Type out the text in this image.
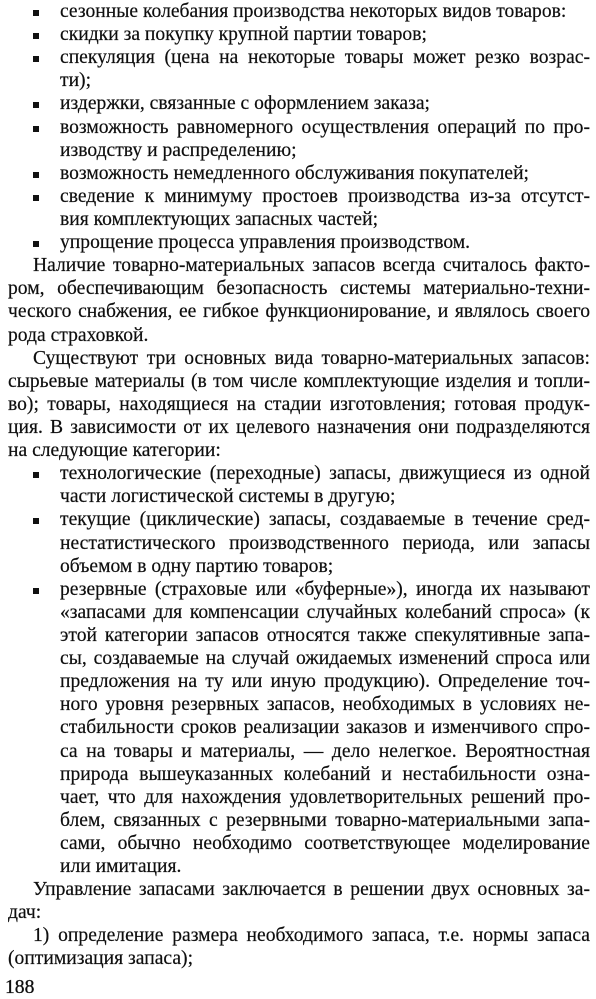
сезонные колебания производства некоторых видов товаров:
скидки за покупку крупной партии товаров;
спекуляция (цена на некоторые товары может резко возрас-
ти);
издержки, связанные с оформлением заказа;
возможность равномерного осуществления операций по про-
изводству и распределению;
возможность немедленного обслуживания покупателей;
сведение к минимуму простоев производства из-за отсутст-
вия комплектующих запасных частей;
упрощение процесса управления производством.
Наличие товарно-материальных запасов всегда считалось факто-
ром, обеспечивающим безопасность системы материально-техни-
ческого снабжения, ее гибкое функционирование, и являлось своего
рода страховкой.
Существуют три основных вида товарно-материальных запасов:
сырьевые материалы (в том числе комплектующие изделия и топли-
во); товары, находящиеся на стадии изготовления; готовая продук-
ция. В зависимости от их целевого назначения они подразделяются
на следующие категории:
технологические (переходные) запасы, движущиеся из одной
части логистической системы в другую;
текущие (циклические) запасы, создаваемые в течение сред-
нестатистического производственного периода, или запасы
объемом в одну партию товаров;
резервные (страховые или «буферные»), иногда их называют
«запасами для компенсации случайных колебаний спроса» (к
этой категории запасов относятся также спекулятивные запа-
сы, создаваемые на случай ожидаемых изменений спроса или
предложения на ту или иную продукцию). Определение точ-
ного уровня резервных запасов, необходимых в условиях не-
стабильности сроков реализации заказов и изменчивого спро-
са на товары и материалы, — дело нелегкое. Вероятностная
природа вышеуказанных колебаний и нестабильности озна-
чает, что для нахождения удовлетворительных решений про-
блем, связанных с резервными товарно-материальными запа-
сами, обычно необходимо соответствующее моделирование
или имитация.
Управление запасами заключается в решении двух основных за-
дач:
1) определение размера необходимого запаса, т.е. нормы запаса
(оптимизация запаса);
188
